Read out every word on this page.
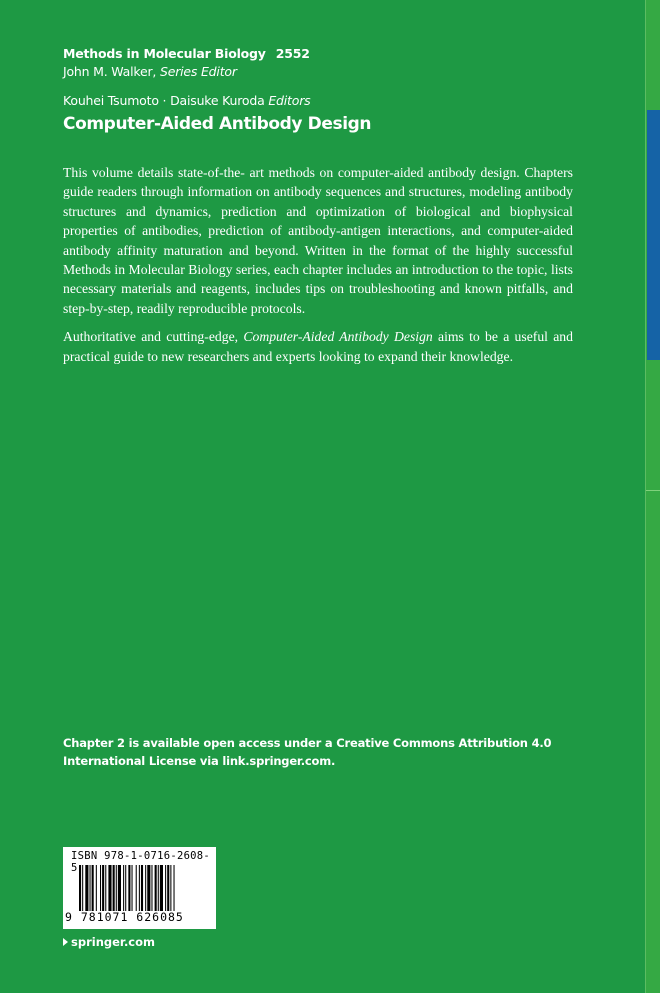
Methods in Molecular Biology 2552
John M. Walker, Series Editor
Kouhei Tsumoto · Daisuke Kuroda Editors
Computer-Aided Antibody Design

This volume details state-of-the- art methods on computer-aided antibody design. Chapters guide readers through information on antibody sequences and structures, modeling antibody structures and dynamics, prediction and optimization of biological and biophysical properties of antibodies, prediction of antibody-antigen interactions, and computer-aided antibody affinity maturation and beyond. Written in the format of the highly successful Methods in Molecular Biology series, each chapter includes an introduction to the topic, lists necessary materials and reagents, includes tips on troubleshooting and known pitfalls, and step-by-step, readily reproducible protocols.

Authoritative and cutting-edge, Computer-Aided Antibody Design aims to be a useful and practical guide to new researchers and experts looking to expand their knowledge.

Chapter 2 is available open access under a Creative Commons Attribution 4.0
International License via link.springer.com.
ISBN 978-1-0716-2608-5
9 781071 626085
springer.com
